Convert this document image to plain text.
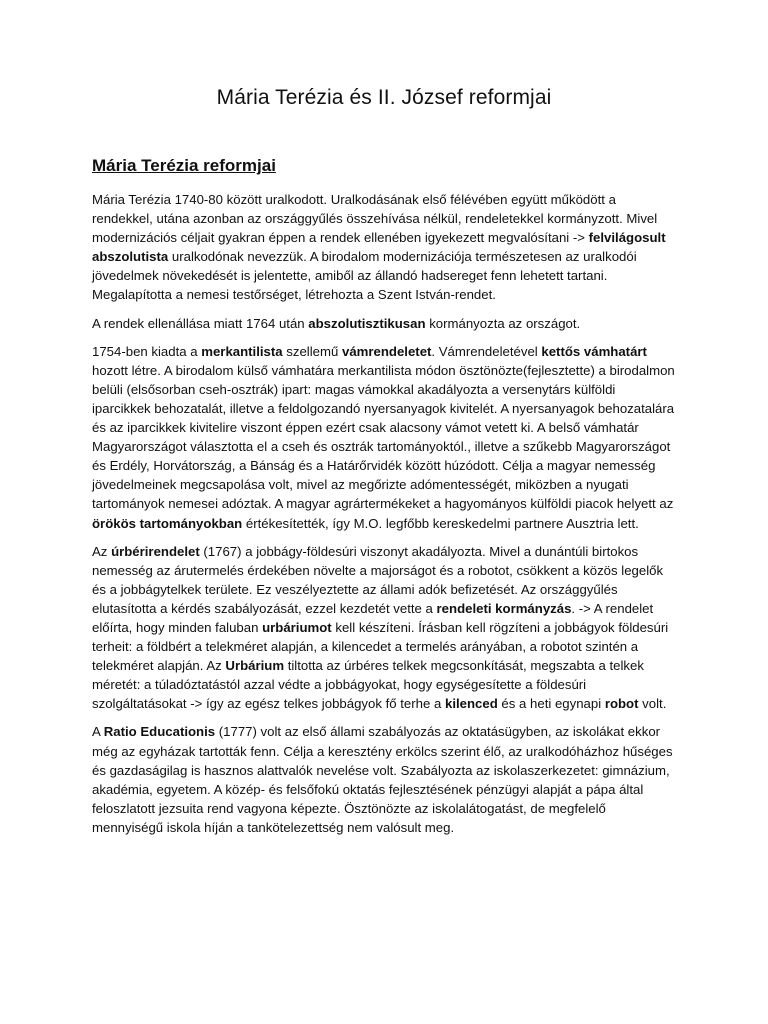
Mária Terézia és II. József reformjai
Mária Terézia reformjai

Mária Terézia 1740-80 között uralkodott. Uralkodásának első félévében együtt működött a rendekkel, utána azonban az országgyűlés összehívása nélkül, rendeletekkel kormányzott. Mivel modernizációs céljait gyakran éppen a rendek ellenében igyekezett megvalósítani -> felvilágosult abszolutista uralkodónak nevezzük. A birodalom modernizációja természetesen az uralkodói jövedelmek növekedését is jelentette, amiből az állandó hadsereget fenn lehetett tartani. Megalapította a nemesi testőrséget, létrehozta a Szent István-rendet.

A rendek ellenállása miatt 1764 után abszolutisztikusan kormányozta az országot.

1754-ben kiadta a merkantilista szellemű vámrendeletet. Vámrendeletével kettős vámhatárt hozott létre. A birodalom külső vámhatára merkantilista módon ösztönözte(fejlesztette) a birodalmon belüli (elsősorban cseh-osztrák) ipart: magas vámokkal akadályozta a versenytárs külföldi iparcikkek behozatalát, illetve a feldolgozandó nyersanyagok kivitelét. A nyersanyagok behozatalára és az iparcikkek kivitelire viszont éppen ezért csak alacsony vámot vetett ki. A belső vámhatár Magyarországot választotta el a cseh és osztrák tartományoktól., illetve a szűkebb Magyarországot és Erdély, Horvátország, a Bánság és a Határőrvidék között húzódott. Célja a magyar nemesség jövedelmeinek megcsapolása volt, mivel az megőrizte adómentességét, miközben a nyugati tartományok nemesei adóztak. A magyar agrártermékeket a hagyományos külföldi piacok helyett az örökös tartományokban értékesítették, így M.O. legfőbb kereskedelmi partnere Ausztria lett.

Az úrbérirendelet (1767) a jobbágy-földesúri viszonyt akadályozta. Mivel a dunántúli birtokos nemesség az árutermelés érdekében növelte a majorságot és a robotot, csökkent a közös legelők és a jobbágytelkek területe. Ez veszélyeztette az állami adók befizetését. Az országgyűlés elutasította a kérdés szabályozását, ezzel kezdetét vette a rendeleti kormányzás. -> A rendelet előírta, hogy minden faluban urbáriumot kell készíteni. Írásban kell rögzíteni a jobbágyok földesúri terheit: a földbért a telekméret alapján, a kilencedet a termelés arányában, a robotot szintén a telekméret alapján. Az Urbárium tiltotta az úrbéres telkek megcsonkítását, megszabta a telkek méretét: a túladóztatástól azzal védte a jobbágyokat, hogy egységesítette a földesúri szolgáltatásokat -> így az egész telkes jobbágyok fő terhe a kilenced és a heti egynapi robot volt.

A Ratio Educationis (1777) volt az első állami szabályozás az oktatásügyben, az iskolákat ekkor még az egyházak tartották fenn. Célja a keresztény erkölcs szerint élő, az uralkodóházhoz hűséges és gazdaságilag is hasznos alattvalók nevelése volt. Szabályozta az iskolaszerkezetet: gimnázium, akadémia, egyetem. A közép- és felsőfokú oktatás fejlesztésének pénzügyi alapját a pápa által feloszlatott jezsuita rend vagyona képezte. Ösztönözte az iskolalátogatást, de megfelelő mennyiségű iskola híján a tankötelezettség nem valósult meg.
